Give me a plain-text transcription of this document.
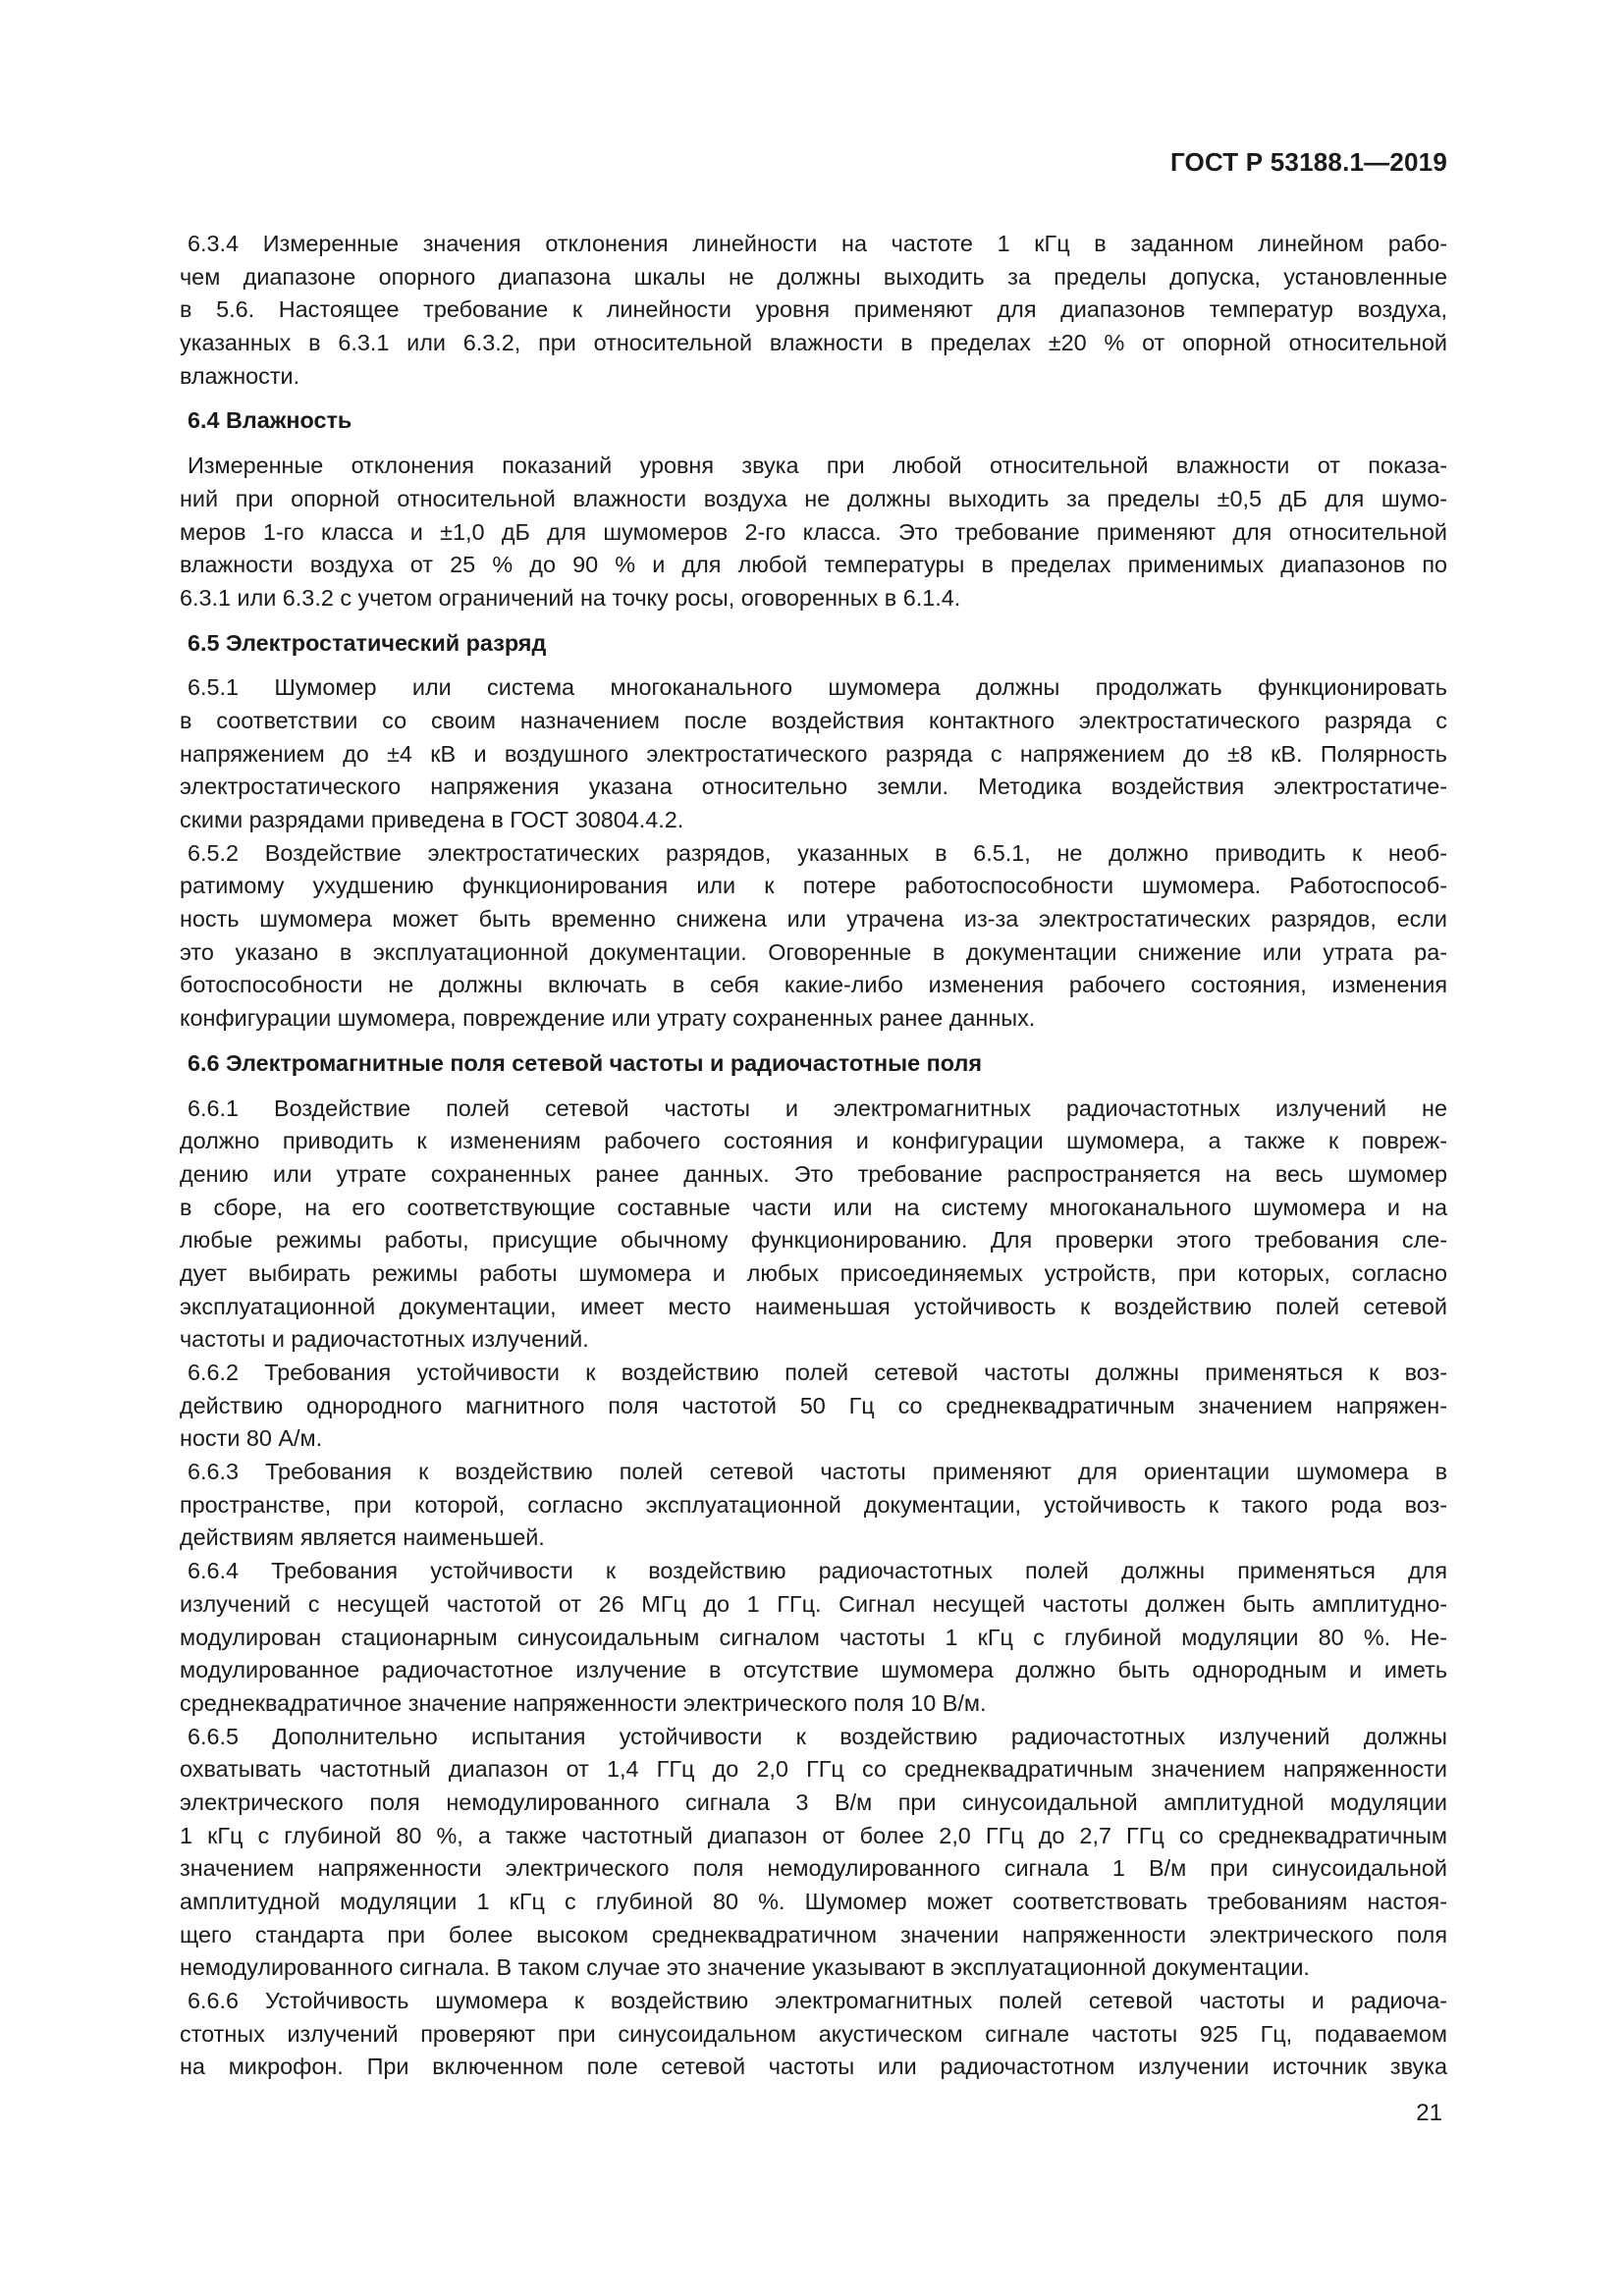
ГОСТ Р 53188.1—2019
6.3.4 Измеренные значения отклонения линейности на частоте 1 кГц в заданном линейном рабо-
чем диапазоне опорного диапазона шкалы не должны выходить за пределы допуска, установленные
в 5.6. Настоящее требование к линейности уровня применяют для диапазонов температур воздуха,
указанных в 6.3.1 или 6.3.2, при относительной влажности в пределах ±20 % от опорной относительной
влажности.
6.4 Влажность
Измеренные отклонения показаний уровня звука при любой относительной влажности от показа-
ний при опорной относительной влажности воздуха не должны выходить за пределы ±0,5 дБ для шумо-
меров 1-го класса и ±1,0 дБ для шумомеров 2-го класса. Это требование применяют для относительной
влажности воздуха от 25 % до 90 % и для любой температуры в пределах применимых диапазонов по
6.3.1 или 6.3.2 с учетом ограничений на точку росы, оговоренных в 6.1.4.
6.5 Электростатический разряд
6.5.1 Шумомер или система многоканального шумомера должны продолжать функционировать
в соответствии со своим назначением после воздействия контактного электростатического разряда с
напряжением до ±4 кВ и воздушного электростатического разряда с напряжением до ±8 кВ. Полярность
электростатического напряжения указана относительно земли. Методика воздействия электростатиче-
скими разрядами приведена в ГОСТ 30804.4.2.
6.5.2 Воздействие электростатических разрядов, указанных в 6.5.1, не должно приводить к необ-
ратимому ухудшению функционирования или к потере работоспособности шумомера. Работоспособ-
ность шумомера может быть временно снижена или утрачена из-за электростатических разрядов, если
это указано в эксплуатационной документации. Оговоренные в документации снижение или утрата ра-
ботоспособности не должны включать в себя какие-либо изменения рабочего состояния, изменения
конфигурации шумомера, повреждение или утрату сохраненных ранее данных.
6.6 Электромагнитные поля сетевой частоты и радиочастотные поля
6.6.1 Воздействие полей сетевой частоты и электромагнитных радиочастотных излучений не
должно приводить к изменениям рабочего состояния и конфигурации шумомера, а также к повреж-
дению или утрате сохраненных ранее данных. Это требование распространяется на весь шумомер
в сборе, на его соответствующие составные части или на систему многоканального шумомера и на
любые режимы работы, присущие обычному функционированию. Для проверки этого требования сле-
дует выбирать режимы работы шумомера и любых присоединяемых устройств, при которых, согласно
эксплуатационной документации, имеет место наименьшая устойчивость к воздействию полей сетевой
частоты и радиочастотных излучений.
6.6.2 Требования устойчивости к воздействию полей сетевой частоты должны применяться к воз-
действию однородного магнитного поля частотой 50 Гц со среднеквадратичным значением напряжен-
ности 80 А/м.
6.6.3 Требования к воздействию полей сетевой частоты применяют для ориентации шумомера в
пространстве, при которой, согласно эксплуатационной документации, устойчивость к такого рода воз-
действиям является наименьшей.
6.6.4 Требования устойчивости к воздействию радиочастотных полей должны применяться для
излучений с несущей частотой от 26 МГц до 1 ГГц. Сигнал несущей частоты должен быть амплитудно-
модулирован стационарным синусоидальным сигналом частоты 1 кГц с глубиной модуляции 80 %. Не-
модулированное радиочастотное излучение в отсутствие шумомера должно быть однородным и иметь
среднеквадратичное значение напряженности электрического поля 10 В/м.
6.6.5 Дополнительно испытания устойчивости к воздействию радиочастотных излучений должны
охватывать частотный диапазон от 1,4 ГГц до 2,0 ГГц со среднеквадратичным значением напряженности
электрического поля немодулированного сигнала 3 В/м при синусоидальной амплитудной модуляции
1 кГц с глубиной 80 %, а также частотный диапазон от более 2,0 ГГц до 2,7 ГГц со среднеквадратичным
значением напряженности электрического поля немодулированного сигнала 1 В/м при синусоидальной
амплитудной модуляции 1 кГц с глубиной 80 %. Шумомер может соответствовать требованиям настоя-
щего стандарта при более высоком среднеквадратичном значении напряженности электрического поля
немодулированного сигнала. В таком случае это значение указывают в эксплуатационной документации.
6.6.6 Устойчивость шумомера к воздействию электромагнитных полей сетевой частоты и радиоча-
стотных излучений проверяют при синусоидальном акустическом сигнале частоты 925 Гц, подаваемом
на микрофон. При включенном поле сетевой частоты или радиочастотном излучении источник звука
21
